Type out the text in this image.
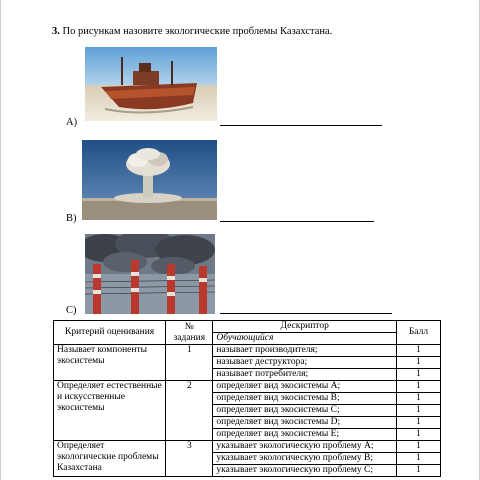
3. По рисункам назовите экологические проблемы Казахстана.
A)
B)
C)
Критерий оценивания	№ задания	Дескриптор	Балл
		Обучающийся	
Называет компоненты экосистемы	1	называет производителя;	1
		называет деструктора;	1
		называет потребителя;	1
Определяет естественные и искусственные экосистемы	2	определяет вид экосистемы А;	1
		определяет вид экосистемы В;	1
		определяет вид экосистемы С;	1
		определяет вид экосистемы D;	1
		определяет вид экосистемы Е;	1
Определяет экологические проблемы Казахстана	3	указывает экологическую проблему А;	1
		указывает экологическую проблему В;	1
		указывает экологическую проблему С;	1
